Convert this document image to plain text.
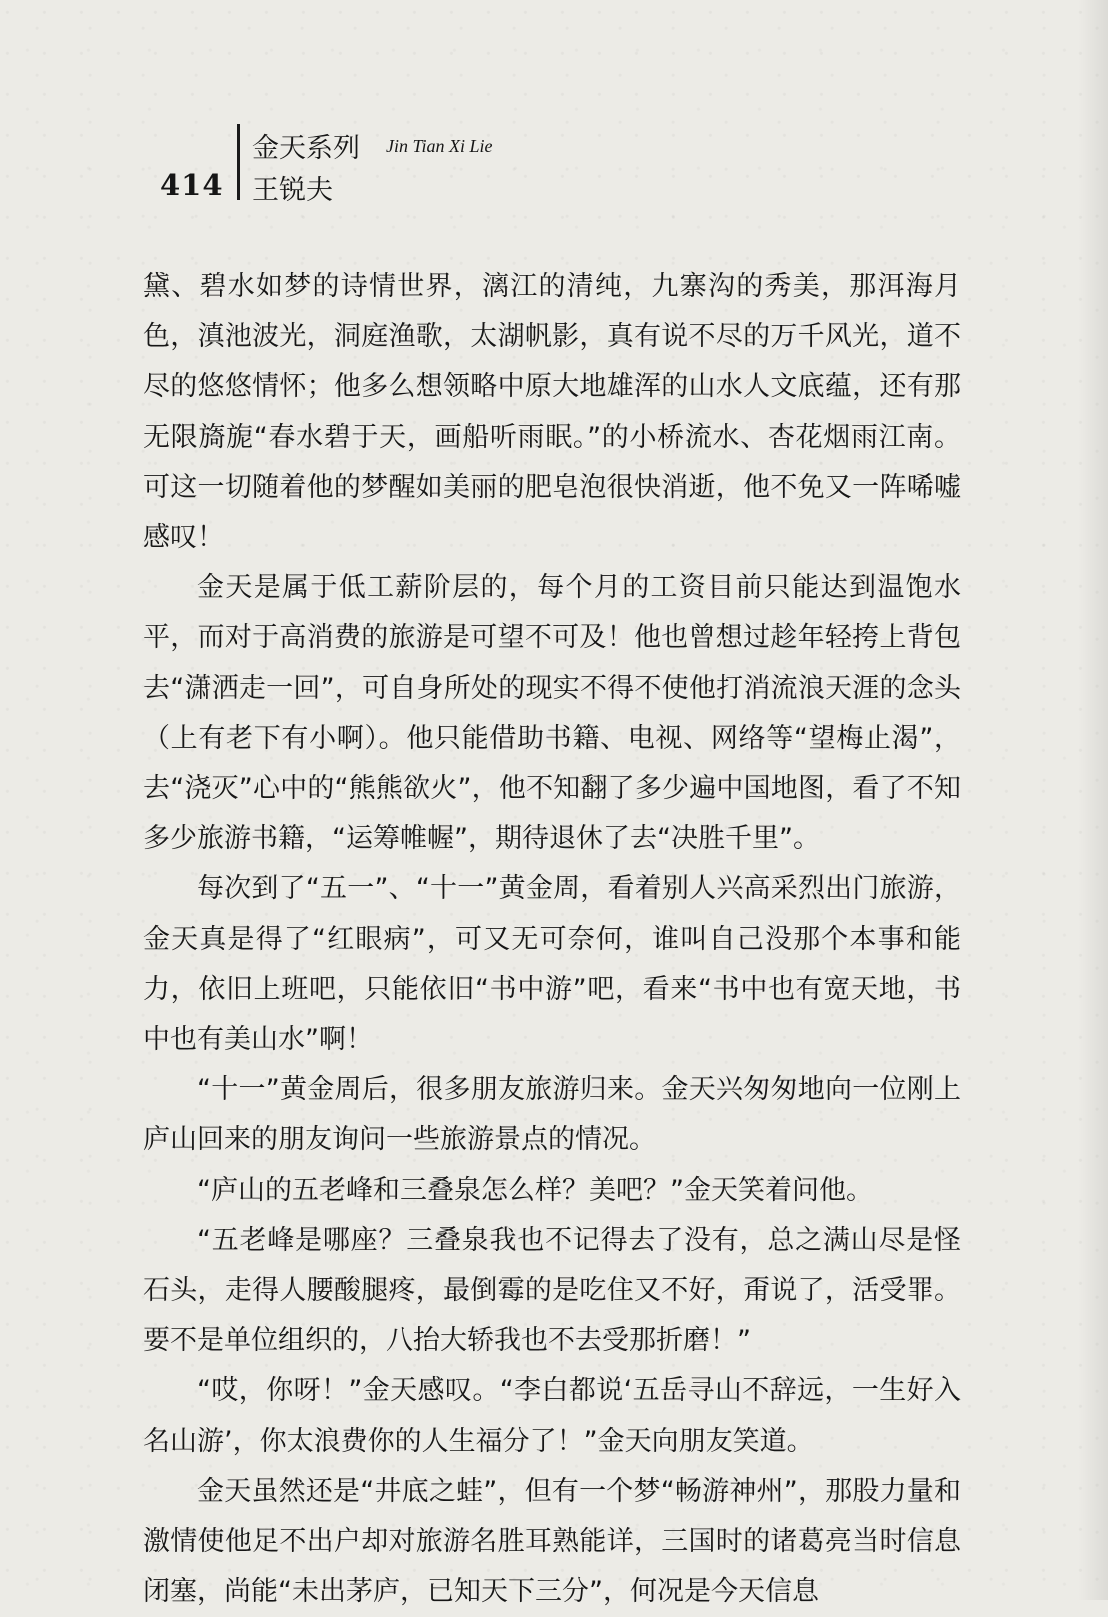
414
金天系列 Jin Tian Xi Lie
王锐夫

黛、碧水如梦的诗情世界，漓江的清纯，九寨沟的秀美，那洱海月色，滇池波光，洞庭渔歌，太湖帆影，真有说不尽的万千风光，道不尽的悠悠情怀；他多么想领略中原大地雄浑的山水人文底蕴，还有那无限旖旎“春水碧于天，画船听雨眠。”的小桥流水、杏花烟雨江南。可这一切随着他的梦醒如美丽的肥皂泡很快消逝，他不免又一阵唏嘘感叹！

金天是属于低工薪阶层的，每个月的工资目前只能达到温饱水平，而对于高消费的旅游是可望不可及！他也曾想过趁年轻挎上背包去“潇洒走一回”，可自身所处的现实不得不使他打消流浪天涯的念头（上有老下有小啊）。他只能借助书籍、电视、网络等“望梅止渴”，去“浇灭”心中的“熊熊欲火”，他不知翻了多少遍中国地图，看了不知多少旅游书籍，“运筹帷幄”，期待退休了去“决胜千里”。

每次到了“五一”、“十一”黄金周，看着别人兴高采烈出门旅游，金天真是得了“红眼病”，可又无可奈何，谁叫自己没那个本事和能力，依旧上班吧，只能依旧“书中游”吧，看来“书中也有宽天地，书中也有美山水”啊！

“十一”黄金周后，很多朋友旅游归来。金天兴匆匆地向一位刚上庐山回来的朋友询问一些旅游景点的情况。

“庐山的五老峰和三叠泉怎么样？美吧？”金天笑着问他。

“五老峰是哪座？三叠泉我也不记得去了没有，总之满山尽是怪石头，走得人腰酸腿疼，最倒霉的是吃住又不好，甭说了，活受罪。要不是单位组织的，八抬大轿我也不去受那折磨！”

“哎，你呀！”金天感叹。“李白都说‘五岳寻山不辞远，一生好入名山游’，你太浪费你的人生福分了！”金天向朋友笑道。

金天虽然还是“井底之蛙”，但有一个梦“畅游神州”，那股力量和激情使他足不出户却对旅游名胜耳熟能详，三国时的诸葛亮当时信息闭塞，尚能“未出茅庐，已知天下三分”，何况是今天信息
